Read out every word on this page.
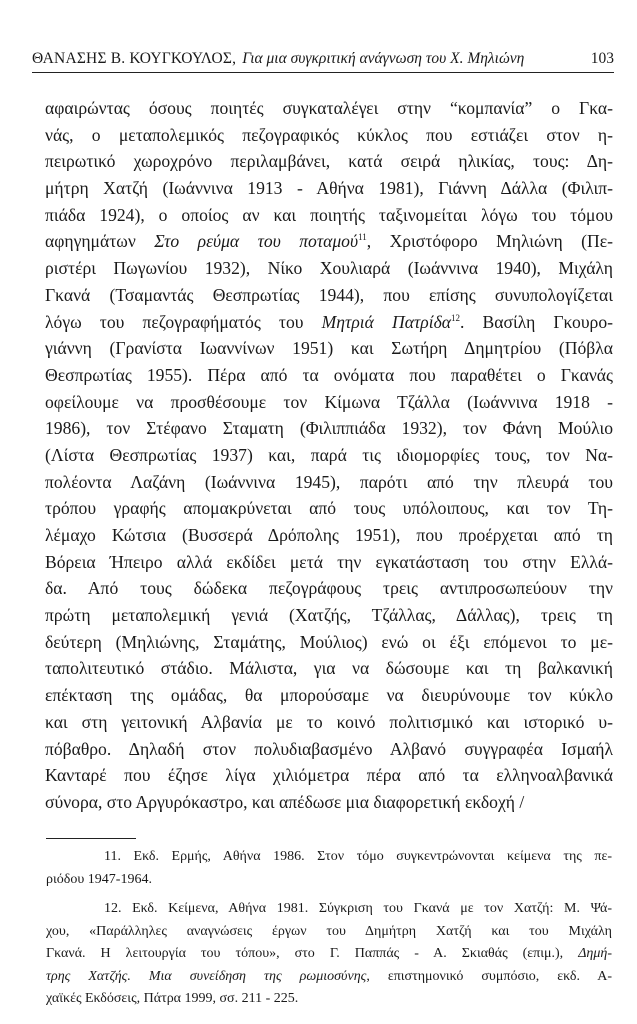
ΘΑΝΑΣΗΣ Β. ΚΟΥΓΚΟΥΛΟΣ, Για μια συγκριτική ανάγνωση του Χ. Μηλιώνη	103
αφαιρώντας όσους ποιητές συγκαταλέγει στην “κομπανία” ο Γκα-
νάς, ο μεταπολεμικός πεζογραφικός κύκλος που εστιάζει στον η-
πειρωτικό χωροχρόνο περιλαμβάνει, κατά σειρά ηλικίας, τους: Δη-
μήτρη Χατζή (Ιωάννινα 1913 - Αθήνα 1981), Γιάννη Δάλλα (Φιλιπ-
πιάδα 1924), ο οποίος αν και ποιητής ταξινομείται λόγω του τόμου
αφηγημάτων Στο ρεύμα του ποταμού$^{11}$, Χριστόφορο Μηλιώνη (Πε-
ριστέρι Πωγωνίου 1932), Νίκο Χουλιαρά (Ιωάννινα 1940), Μιχάλη
Γκανά (Τσαμαντάς Θεσπρωτίας 1944), που επίσης συνυπολογίζεται
λόγω του πεζογραφήματός του Μητριά Πατρίδα$^{12}$. Βασίλη Γκουρο-
γιάννη (Γρανίστα Ιωαννίνων 1951) και Σωτήρη Δημητρίου (Πόβλα
Θεσπρωτίας 1955). Πέρα από τα ονόματα που παραθέτει ο Γκανάς
οφείλουμε να προσθέσουμε τον Κίμωνα Τζάλλα (Ιωάννινα 1918 -
1986), τον Στέφανο Σταματη (Φιλιππιάδα 1932), τον Φάνη Μούλιο
(Λίστα Θεσπρωτίας 1937) και, παρά τις ιδιομορφίες τους, τον Να-
πολέοντα Λαζάνη (Ιωάννινα 1945), παρότι από την πλευρά του
τρόπου γραφής απομακρύνεται από τους υπόλοιπους, και τον Τη-
λέμαχο Κώτσια (Βυσσερά Δρόπολης 1951), που προέρχεται από τη
Βόρεια Ήπειρο αλλά εκδίδει μετά την εγκατάσταση του στην Ελλά-
δα. Από τους δώδεκα πεζογράφους τρεις αντιπροσωπεύουν την
πρώτη μεταπολεμική γενιά (Χατζής, Τζάλλας, Δάλλας), τρεις τη
δεύτερη (Μηλιώνης, Σταμάτης, Μούλιος) ενώ οι έξι επόμενοι το με-
ταπολιτευτικό στάδιο. Μάλιστα, για να δώσουμε και τη βαλκανική
επέκταση της ομάδας, θα μπορούσαμε να διευρύνουμε τον κύκλο
και στη γειτονική Αλβανία με το κοινό πολιτισμικό και ιστορικό υ-
πόβαθρο. Δηλαδή στον πολυδιαβασμένο Αλβανό συγγραφέα Ισμαήλ
Κανταρέ που έζησε λίγα χιλιόμετρα πέρα από τα ελληνοαλβανικά
σύνορα, στο Αργυρόκαστρο, και απέδωσε μια διαφορετική εκδοχή /
11. Εκδ. Ερμής, Αθήνα 1986. Στον τόμο συγκεντρώνονται κείμενα της πε-
ριόδου 1947-1964.
12. Εκδ. Κείμενα, Αθήνα 1981. Σύγκριση του Γκανά με τον Χατζή: Μ. Ψά-
χου, «Παράλληλες αναγνώσεις έργων του Δημήτρη Χατζή και του Μιχάλη
Γκανά. Η λειτουργία του τόπου», στο Γ. Παππάς - Α. Σκιαθάς (επιμ.), Δημή-
τρης Χατζής. Μια συνείδηση της ρωμιοσύνης, επιστημονικό συμπόσιο, εκδ. Α-
χαϊκές Εκδόσεις, Πάτρα 1999, σσ. 211 - 225.
